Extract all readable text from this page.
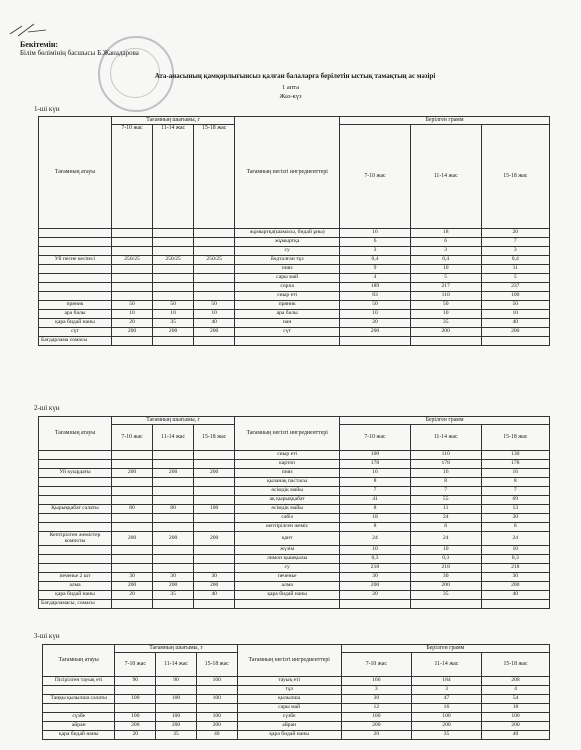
Бекітемін:
Білім бөлімінің басшысы Б.Жанадарова
Ата-анасының қамқорлығынсыз қалған балаларға берілетін ыстық тамақтың ас мәзірі
1 апта
Жаз-күз
1-ші күн
Тағамның атауы	Тағамның шығымы, г			Тағамның негізгі ингредиенттері	Берілген грамм		
	7-10 жас	11-14 жас	15-18 жас		7-10 жас	11-14 жас	15-18 жас
				жұмыртқа(шамасы, бидай ұны)	16	18	20
				жұмыртқа	6	6	7
				су	3	3	3
Уй песне кеспесі	250/25	250/25	250/25	йодталған тұз	0,4	0,4	0,4
				пияз	9	10	11
				сары май	4	5	5
				сорпа	189	217	237
				сиыр еті	83	110	100
пряник	50	50	50	пряник	50	50	50
ара балы	10	10	10	ара балы	10	10	10
қара бидай наны	20	35	40	нан	20	35	40
сүт	200	200	200	сүт	200	200	200
Бағдарлама сомасы							
2-ші күн
Тағамның атауы	Тағамның шығымы, г			Тағамның негізгі ингредиенттері	Берілген грамм		
	7-10 жас	11-14 жас	15-18 жас		7-10 жас	11-14 жас	15-18 жас
				сиыр еті	100	110	130
				картоп	178	178	178
Уй куырдағы	200	200	200	пияз	16	16	16
				қызанақ пастасы	8	8	8
				өсімдік майы	7	7	7
				ақ қырыққабат	41	55	69
Қырыққабат салаты	80	80	100	өсімдік майы	8	11	13
				сәбіз	18	24	30
				кептірілген жеміс	8	8	8
Кептірілген жемістер компоты	200	200	200	қант	24	24	24
				жүзім	10	10	10
				лимон қышқылы	0,3	0,3	0,3
				су	218	218	218
печенье 2 шт	30	30	30	печенье	30	30	30
алма	200	200	200	алма	200	200	200
қара бидай наны	20	35	40	қара бидай наны	20	35	40
Бағдарламасы, сомасы							
3-ші күн
Тағамның атауы	Тағамның шығымы, г			Тағамның негізгі ингредиенттері	Берілген грамм		
	7-10 жас	11-14 жас	15-18 жас		7-10 жас	11-14 жас	15-18 жас
Пісірілген тауық еті	90	90	100	тауық еті	166	184	208
				тұз	3	3	4
Таңқы қызылша салаты	100	100	100	қызылша	30	47	54
				сары май	12	16	18
сүзбе	100	100	100	сүзбе	100	100	100
айран	200	200	200	айран	200	200	200
қара бидай наны	20	35	40	қара бидай наны	20	35	40
